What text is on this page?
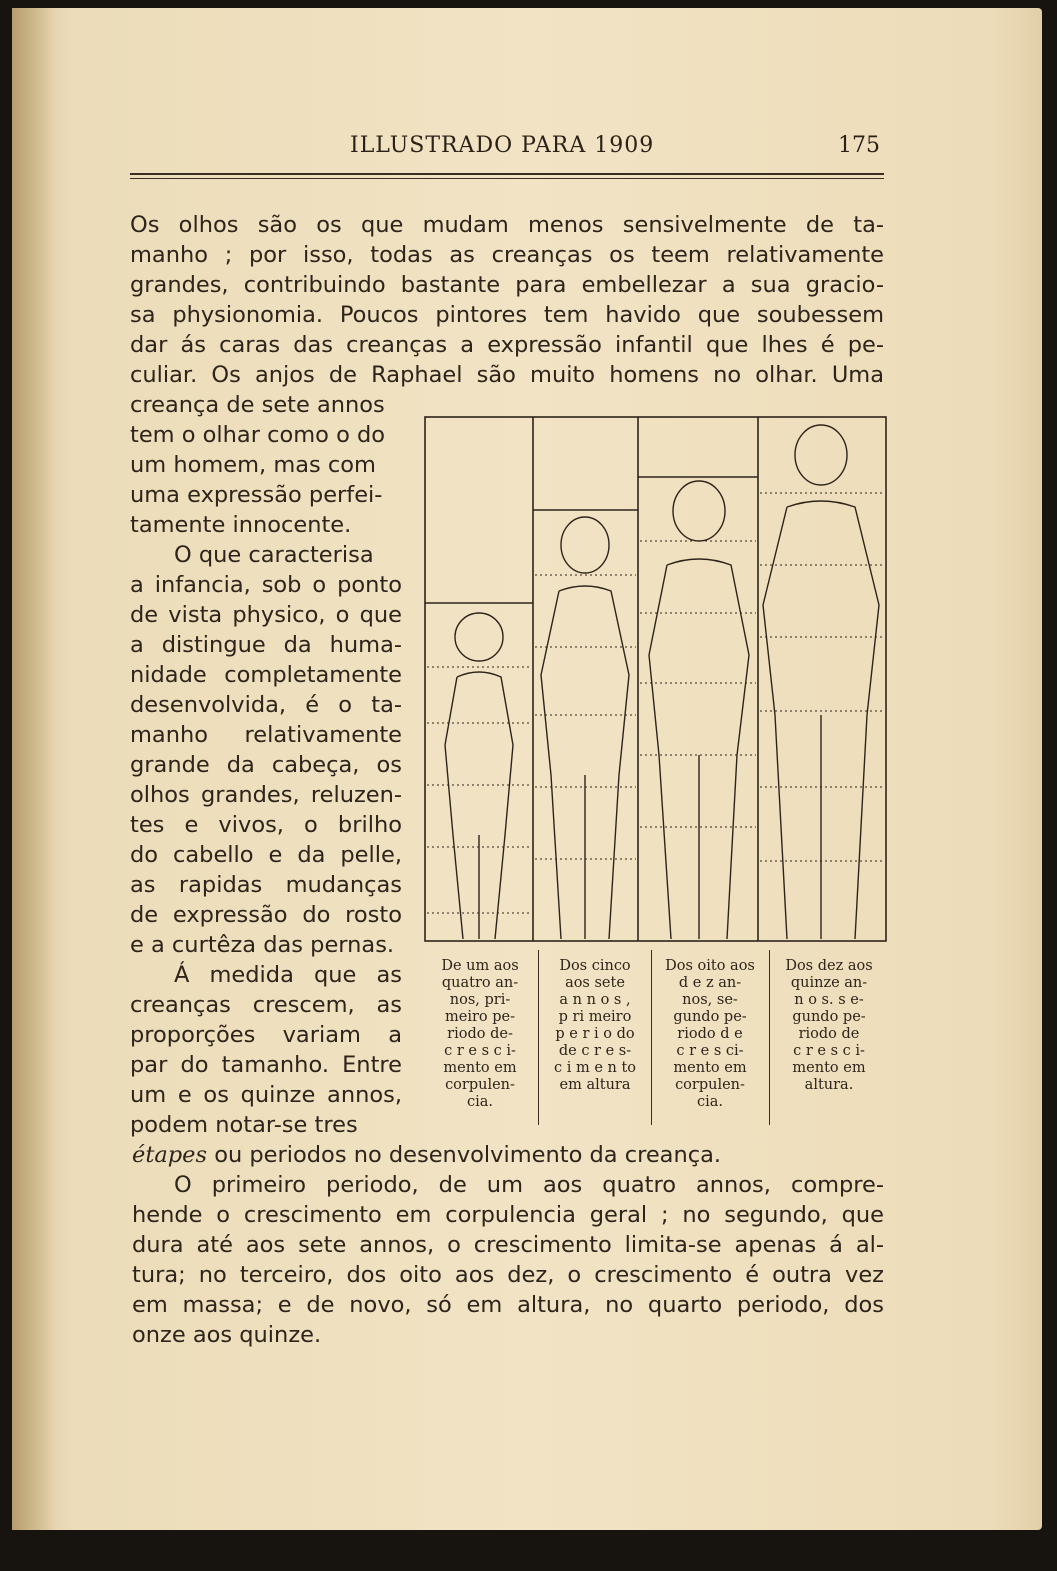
ILLUSTRADO PARA 1909	175
Os olhos são os que mudam menos sensivelmente de ta-
manho ; por isso, todas as creanças os teem relativamente
grandes, contribuindo bastante para embellezar a sua gracio-
sa physionomia. Poucos pintores tem havido que soubessem
dar ás caras das creanças a expressão infantil que lhes é pe-
culiar. Os anjos de Raphael são muito homens no olhar. Uma
creança de sete annos
tem o olhar como o do
um homem, mas com
uma expressão perfei-
tamente innocente.
O que caracterisa
a infancia, sob o ponto
de vista physico, o que
a distingue da huma-
nidade completamente
desenvolvida, é o ta-
manho relativamente
grande da cabeça, os
olhos grandes, reluzen-
tes e vivos, o brilho
do cabello e da pelle,
as rapidas mudanças
de expressão do rosto
e a curtêza das pernas.
Á medida que as
creanças crescem, as
proporções variam a
par do tamanho. Entre
um e os quinze annos,
podem notar-se tres
étapes ou periodos no desenvolvimento da creança.
O primeiro periodo, de um aos quatro annos, compre-
hende o crescimento em corpulencia geral ; no segundo, que
dura até aos sete annos, o crescimento limita-se apenas á al-
tura; no terceiro, dos oito aos dez, o crescimento é outra vez
em massa; e de novo, só em altura, no quarto periodo, dos
onze aos quinze.
De um aos
quatro an-
nos, pri-
meiro pe-
riodo de-
c r e s c i-
mento em
corpulen-
cia.
Dos cinco
aos sete
a n n o s ,
p ri meiro
p e r i o do
de c r e s-
c i m e n to
em altura
Dos oito aos
d e z an-
nos, se-
gundo pe-
riodo d e
c r e s ci-
mento em
corpulen-
cia.
Dos dez aos
quinze an-
n o s. s e-
gundo pe-
riodo de
c r e s c i-
mento em
altura.
